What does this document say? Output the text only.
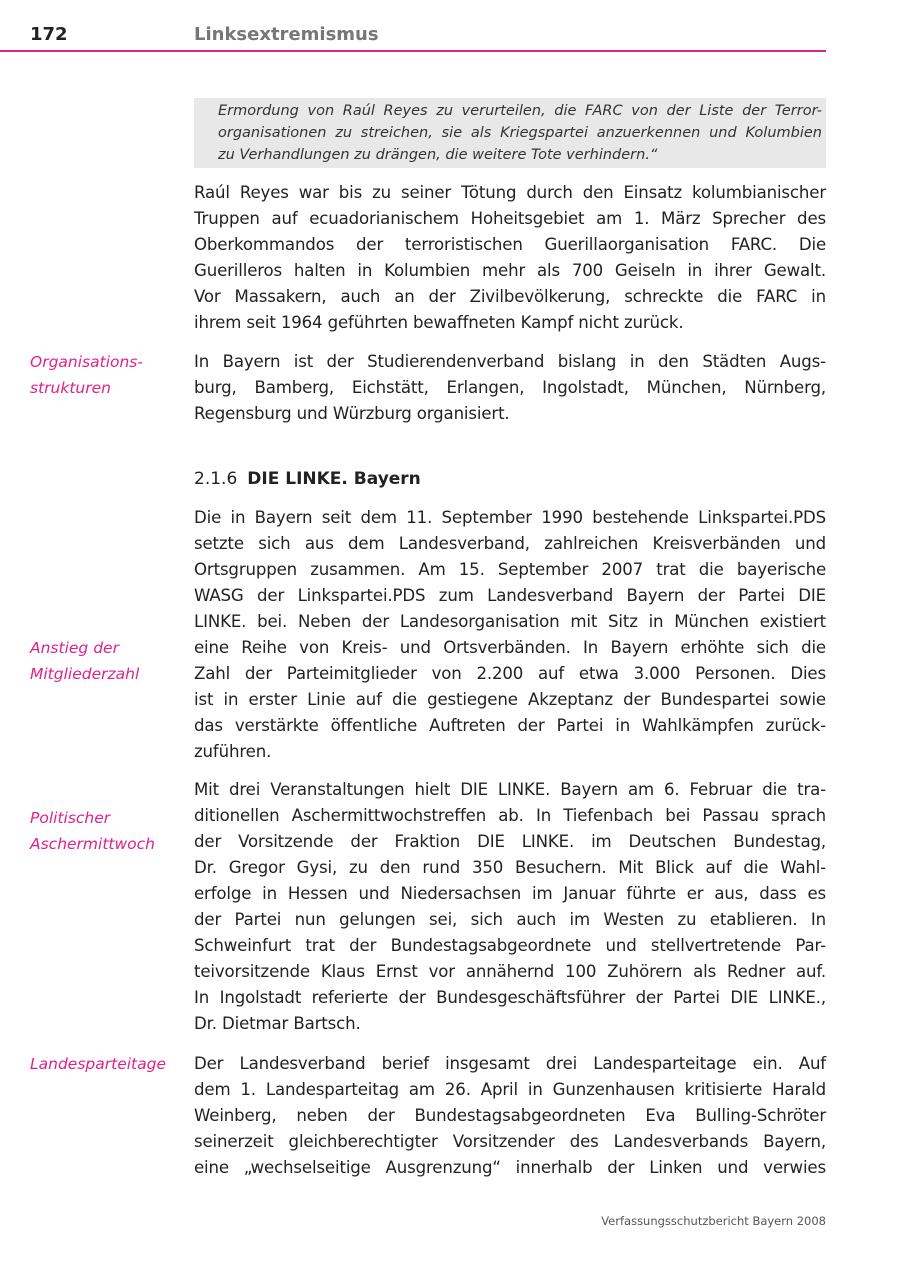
172	Linksextremismus
Ermordung von Raúl Reyes zu verurteilen, die FARC von der Liste der Terror-
organisationen zu streichen, sie als Kriegspartei anzuerkennen und Kolumbien
zu Verhandlungen zu drängen, die weitere Tote verhindern.“
Raúl Reyes war bis zu seiner Tötung durch den Einsatz kolumbianischer
Truppen auf ecuadorianischem Hoheitsgebiet am 1. März Sprecher des
Oberkommandos der terroristischen Guerillaorganisation FARC. Die
Guerilleros halten in Kolumbien mehr als 700 Geiseln in ihrer Gewalt.
Vor Massakern, auch an der Zivilbevölkerung, schreckte die FARC in
ihrem seit 1964 geführten bewaffneten Kampf nicht zurück.
In Bayern ist der Studierendenverband bislang in den Städten Augs-
burg, Bamberg, Eichstätt, Erlangen, Ingolstadt, München, Nürnberg,
Regensburg und Würzburg organisiert.
2.1.6 DIE LINKE. Bayern
Die in Bayern seit dem 11. September 1990 bestehende Linkspartei.PDS
setzte sich aus dem Landesverband, zahlreichen Kreisverbänden und
Ortsgruppen zusammen. Am 15. September 2007 trat die bayerische
WASG der Linkspartei.PDS zum Landesverband Bayern der Partei DIE
LINKE. bei. Neben der Landesorganisation mit Sitz in München existiert
eine Reihe von Kreis- und Ortsverbänden. In Bayern erhöhte sich die
Zahl der Parteimitglieder von 2.200 auf etwa 3.000 Personen. Dies
ist in erster Linie auf die gestiegene Akzeptanz der Bundespartei sowie
das verstärkte öffentliche Auftreten der Partei in Wahlkämpfen zurück-
zuführen.
Mit drei Veranstaltungen hielt DIE LINKE. Bayern am 6. Februar die tra-
ditionellen Aschermittwochstreffen ab. In Tiefenbach bei Passau sprach
der Vorsitzende der Fraktion DIE LINKE. im Deutschen Bundestag,
Dr. Gregor Gysi, zu den rund 350 Besuchern. Mit Blick auf die Wahl-
erfolge in Hessen und Niedersachsen im Januar führte er aus, dass es
der Partei nun gelungen sei, sich auch im Westen zu etablieren. In
Schweinfurt trat der Bundestagsabgeordnete und stellvertretende Par-
teivorsitzende Klaus Ernst vor annähernd 100 Zuhörern als Redner auf.
In Ingolstadt referierte der Bundesgeschäftsführer der Partei DIE LINKE.,
Dr. Dietmar Bartsch.
Der Landesverband berief insgesamt drei Landesparteitage ein. Auf
dem 1. Landesparteitag am 26. April in Gunzenhausen kritisierte Harald
Weinberg, neben der Bundestagsabgeordneten Eva Bulling-Schröter
seinerzeit gleichberechtigter Vorsitzender des Landesverbands Bayern,
eine „wechselseitige Ausgrenzung“ innerhalb der Linken und verwies
Organisations-
strukturen
Anstieg der
Mitgliederzahl
Politischer
Aschermittwoch
Landesparteitage
Verfassungsschutzbericht Bayern 2008
